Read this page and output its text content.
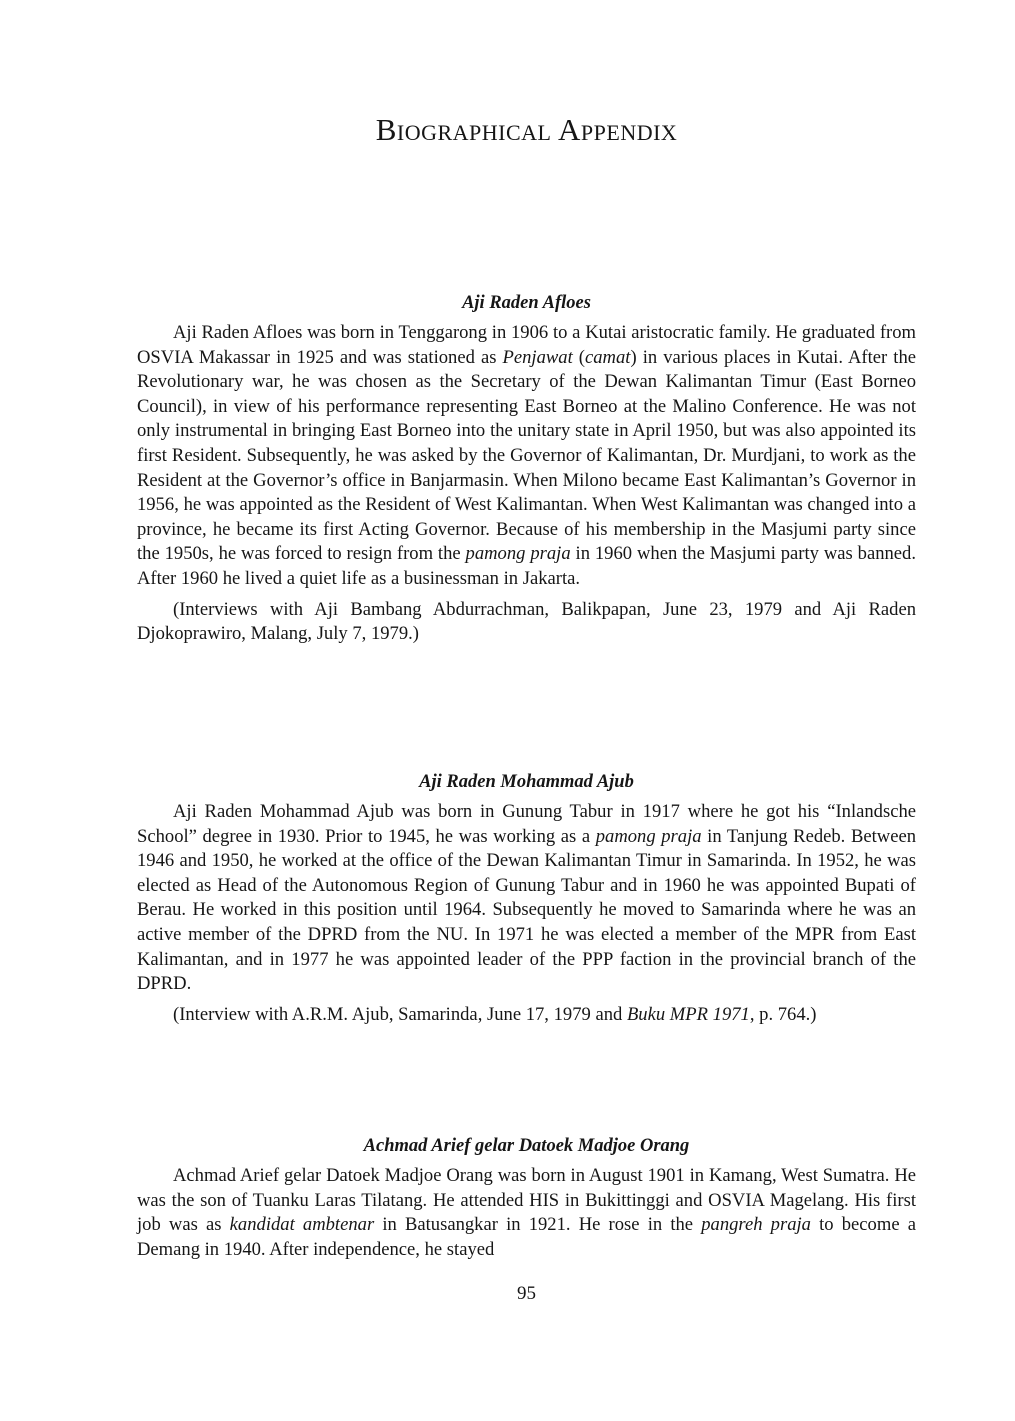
Biographical Appendix
Aji Raden Afloes

Aji Raden Afloes was born in Tenggarong in 1906 to a Kutai aristocratic family. He graduated from OSVIA Makassar in 1925 and was stationed as Penjawat (camat) in various places in Kutai. After the Revolutionary war, he was chosen as the Secretary of the Dewan Kalimantan Timur (East Borneo Council), in view of his performance representing East Borneo at the Malino Conference. He was not only instrumental in bringing East Borneo into the unitary state in April 1950, but was also appointed its first Resident. Subsequently, he was asked by the Governor of Kalimantan, Dr. Murdjani, to work as the Resident at the Governor’s office in Banjarmasin. When Milono became East Kalimantan’s Governor in 1956, he was appointed as the Resident of West Kalimantan. When West Kalimantan was changed into a province, he became its first Acting Governor. Because of his membership in the Masjumi party since the 1950s, he was forced to resign from the pamong praja in 1960 when the Masjumi party was banned. After 1960 he lived a quiet life as a businessman in Jakarta.

(Interviews with Aji Bambang Abdurrachman, Balikpapan, June 23, 1979 and Aji Raden Djokoprawiro, Malang, July 7, 1979.)

Aji Raden Mohammad Ajub

Aji Raden Mohammad Ajub was born in Gunung Tabur in 1917 where he got his “Inlandsche School” degree in 1930. Prior to 1945, he was working as a pamong praja in Tanjung Redeb. Between 1946 and 1950, he worked at the office of the Dewan Kalimantan Timur in Samarinda. In 1952, he was elected as Head of the Autonomous Region of Gunung Tabur and in 1960 he was appointed Bupati of Berau. He worked in this position until 1964. Subsequently he moved to Samarinda where he was an active member of the DPRD from the NU. In 1971 he was elected a member of the MPR from East Kalimantan, and in 1977 he was appointed leader of the PPP faction in the provincial branch of the DPRD.

(Interview with A.R.M. Ajub, Samarinda, June 17, 1979 and Buku MPR 1971, p. 764.)

Achmad Arief gelar Datoek Madjoe Orang

Achmad Arief gelar Datoek Madjoe Orang was born in August 1901 in Kamang, West Sumatra. He was the son of Tuanku Laras Tilatang. He attended HIS in Bukittinggi and OSVIA Magelang. His first job was as kandidat ambtenar in Batusangkar in 1921. He rose in the pangreh praja to become a Demang in 1940. After independence, he stayed

95
